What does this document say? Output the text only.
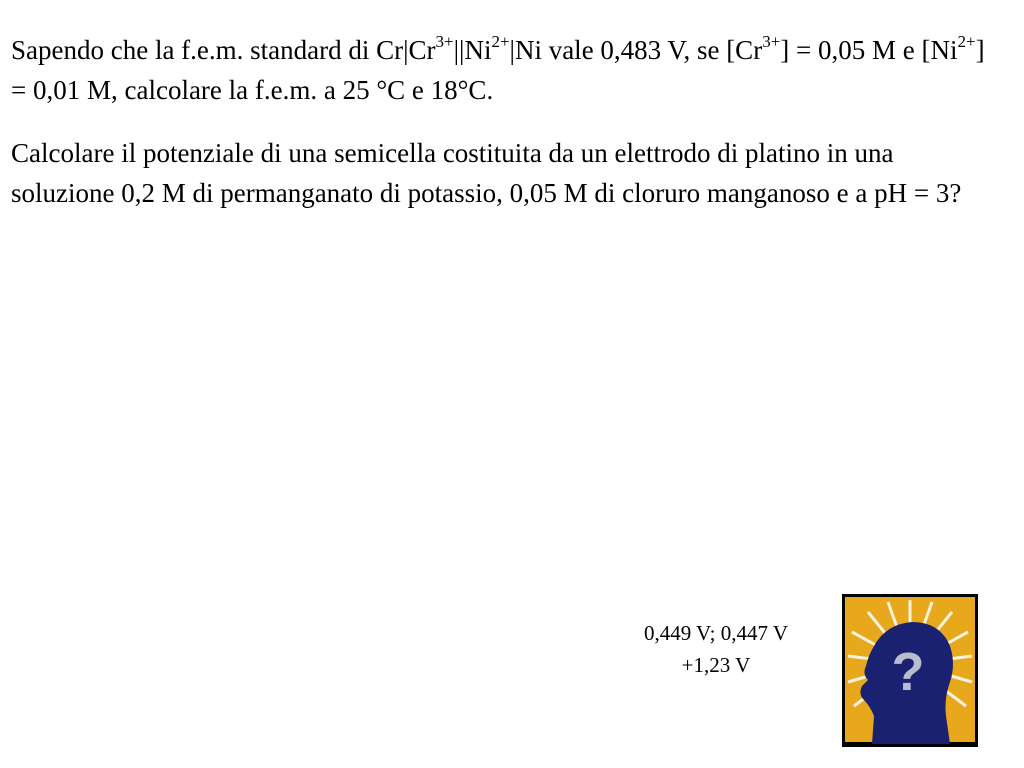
Sapendo che la f.e.m. standard di $Cr|Cr^{3+}||Ni^{2+}|Ni$ vale 0,483 V, se $[Cr^{3+}] = 0,05$ M e $[Ni^{2+}] = 0,01$ M, calcolare la f.e.m. a 25 °C e 18°C.

Calcolare il potenziale di una semicella costituita da un elettrodo di platino in una soluzione 0,2 M di permanganato di potassio, 0,05 M di cloruro manganoso e a pH = 3?

0,449 V; 0,447 V
+1,23 V	?
